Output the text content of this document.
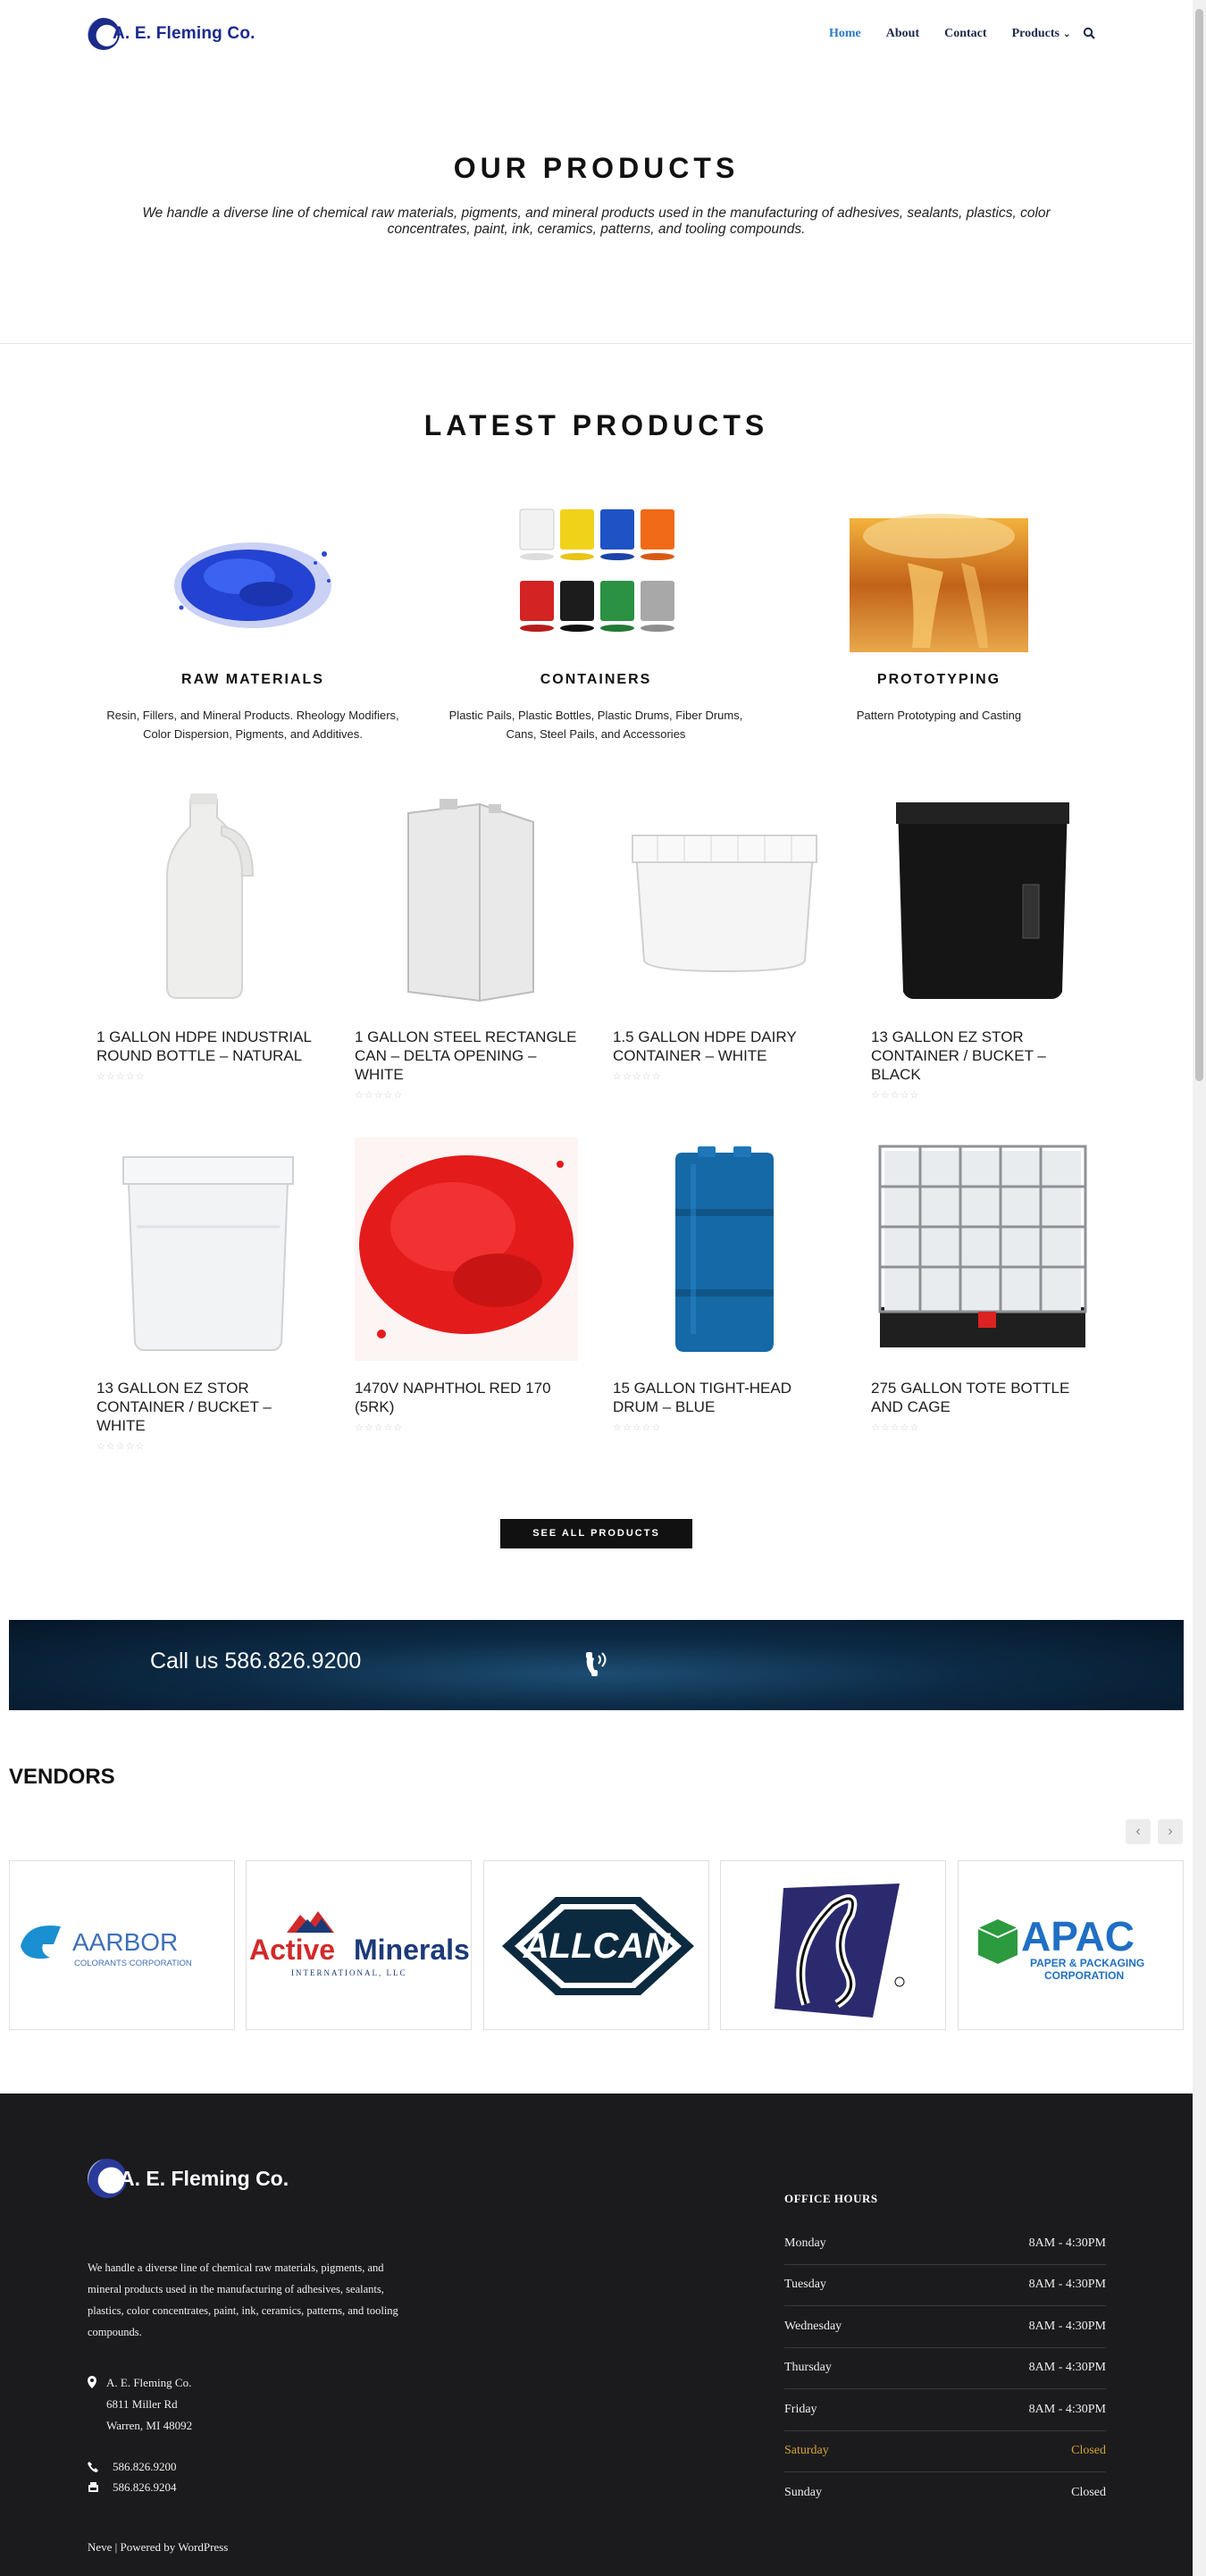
A. E. Fleming Co.	Home About Contact Products ⌄
OUR PRODUCTS

We handle a diverse line of chemical raw materials, pigments, and mineral products used in the manufacturing of adhesives, sealants, plastics, color concentrates, paint, ink, ceramics, patterns, and tooling compounds.

LATEST PRODUCTS
RAW MATERIALS
Resin, Fillers, and Mineral Products. Rheology Modifiers, Color Dispersion, Pigments, and Additives.
CONTAINERS
Plastic Pails, Plastic Bottles, Plastic Drums, Fiber Drums, Cans, Steel Pails, and Accessories
PROTOTYPING
Pattern Prototyping and Casting
1 GALLON HDPE INDUSTRIAL ROUND BOTTLE – NATURAL
☆☆☆☆☆
1 GALLON STEEL RECTANGLE CAN – DELTA OPENING – WHITE
☆☆☆☆☆
1.5 GALLON HDPE DAIRY CONTAINER – WHITE
☆☆☆☆☆
13 GALLON EZ STOR CONTAINER / BUCKET – BLACK
☆☆☆☆☆
13 GALLON EZ STOR CONTAINER / BUCKET – WHITE
☆☆☆☆☆
1470V NAPHTHOL RED 170 (5RK)
☆☆☆☆☆
15 GALLON TIGHT-HEAD DRUM – BLUE
☆☆☆☆☆
275 GALLON TOTE BOTTLE AND CAGE
☆☆☆☆☆
SEE ALL PRODUCTS
Call us 586.826.9200
VENDORS
‹	›
AARBOR
COLORANTS CORPORATION Active Minerals
INTERNATIONAL, LLC
ALLCAN	APAC
PAPER & PACKAGING
CORPORATION
A. E. Fleming Co.

We handle a diverse line of chemical raw materials, pigments, and mineral products used in the manufacturing of adhesives, sealants, plastics, color concentrates, paint, ink, ceramics, patterns, and tooling compounds.

A. E. Fleming Co.
6811 Miller Rd
Warren, MI 48092
586.826.9200
586.826.9204
Neve | Powered by WordPress
OFFICE HOURS
Monday	8AM - 4:30PM
Tuesday	8AM - 4:30PM
Wednesday	8AM - 4:30PM
Thursday	8AM - 4:30PM
Friday	8AM - 4:30PM
Saturday	Closed
Sunday	Closed
